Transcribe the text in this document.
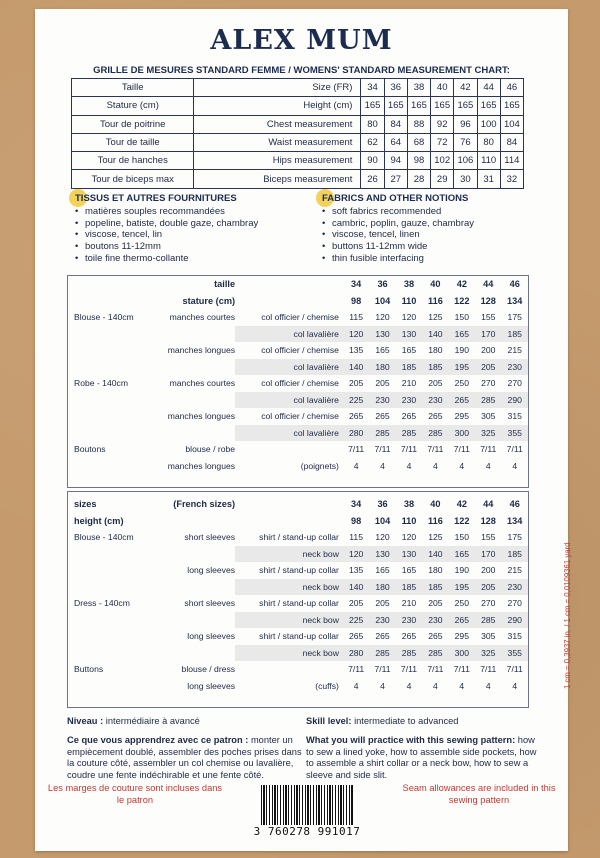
ALEX MUM
GRILLE DE MESURES STANDARD FEMME / WOMENS' STANDARD MEASUREMENT CHART:
Taille	Size (FR)	34	36	38	40	42	44	46
Stature (cm)	Height (cm)	165	165	165	165	165	165	165
Tour de poitrine	Chest measurement	80	84	88	92	96	100	104
Tour de taille	Waist measurement	62	64	68	72	76	80	84
Tour de hanches	Hips measurement	90	94	98	102	106	110	114
Tour de biceps max	Biceps measurement	26	27	28	29	30	31	32
TISSUS ET AUTRES FOURNITURES
• matières souples recommandées
• popeline, batiste, double gaze, chambray
• viscose, tencel, lin
• boutons 11-12mm
• toile fine thermo-collante
FABRICS AND OTHER NOTIONS
• soft fabrics recommended
• cambric, poplin, gauze, chambray
• viscose, tencel, linen
• buttons 11-12mm wide
• thin fusible interfacing
	taille		34	36	38	40	42	44	46
	stature (cm)		98	104	110	116	122	128	134
Blouse - 140cm	manches courtes	col officier / chemise	115	120	120	125	150	155	175
		col lavalière	120	130	130	140	165	170	185
	manches longues	col officier / chemise	135	165	165	180	190	200	215
		col lavalière	140	180	185	185	195	205	230
Robe - 140cm	manches courtes	col officier / chemise	205	205	210	205	250	270	270
		col lavalière	225	230	230	230	265	285	290
	manches longues	col officier / chemise	265	265	265	265	295	305	315
		col lavalière	280	285	285	285	300	325	355
Boutons	blouse / robe		7/11	7/11	7/11	7/11	7/11	7/11	7/11
	manches longues	(poignets)	4	4	4	4	4	4	4
sizes	(French sizes)		34	36	38	40	42	44	46
height (cm)			98	104	110	116	122	128	134
Blouse - 140cm	short sleeves	shirt / stand-up collar	115	120	120	125	150	155	175
		neck bow	120	130	130	140	165	170	185
	long sleeves	shirt / stand-up collar	135	165	165	180	190	200	215
		neck bow	140	180	185	185	195	205	230
Dress - 140cm	short sleeves	shirt / stand-up collar	205	205	210	205	250	270	270
		neck bow	225	230	230	230	265	285	290
	long sleeves	shirt / stand-up collar	265	265	265	265	295	305	315
		neck bow	280	285	285	285	300	325	355
Buttons	blouse / dress		7/11	7/11	7/11	7/11	7/11	7/11	7/11
	long sleeves	(cuffs)	4	4	4	4	4	4	4	1 cm = 0,3937 in. / 1 cm = 0,0109361 yard
Niveau : intermédiaire à avancé	Skill level: intermediate to advanced
Ce que vous apprendrez avec ce patron : monter un empiècement doublé, assembler des poches prises dans la couture côté, assembler un col chemise ou lavalière, coudre une fente indéchirable et une fente côté.
What you will practice with this sewing pattern: how to sew a lined yoke, how to assemble side pockets, how to assemble a shirt collar or a neck bow, how to sew a sleeve and side slit.
Les marges de couture sont incluses dans le patron
Seam allowances are included in this sewing pattern
3 760278 991017
